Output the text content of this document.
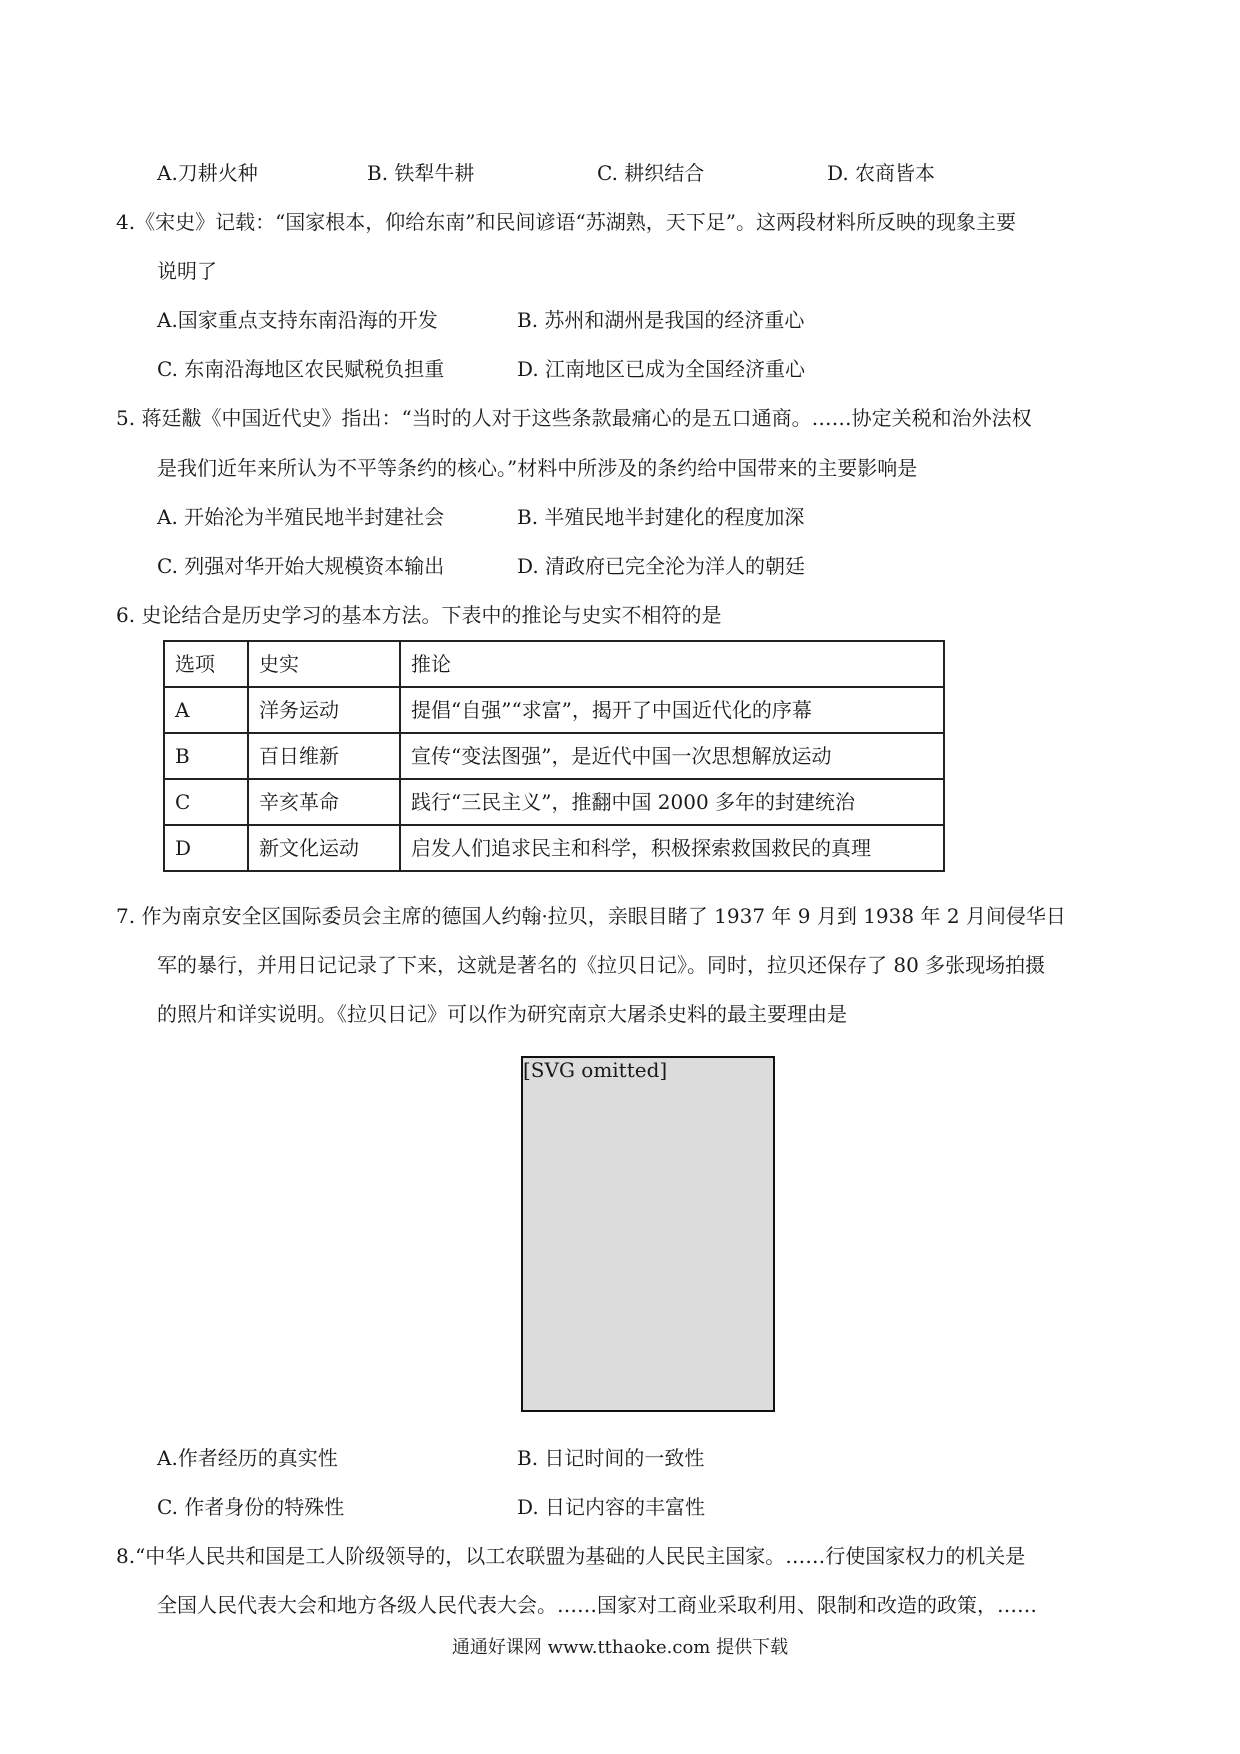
A.刀耕火种	B. 铁犁牛耕	C. 耕织结合	D. 农商皆本
4.《宋史》记载：“国家根本，仰给东南”和民间谚语“苏湖熟，天下足”。这两段材料所反映的现象主要
说明了
A.国家重点支持东南沿海的开发	B. 苏州和湖州是我国的经济重心
C. 东南沿海地区农民赋税负担重	D. 江南地区已成为全国经济重心
5. 蒋廷黻《中国近代史》指出：“当时的人对于这些条款最痛心的是五口通商。……协定关税和治外法权
是我们近年来所认为不平等条约的核心。”材料中所涉及的条约给中国带来的主要影响是
A. 开始沦为半殖民地半封建社会	B. 半殖民地半封建化的程度加深
C. 列强对华开始大规模资本输出	D. 清政府已完全沦为洋人的朝廷
6. 史论结合是历史学习的基本方法。下表中的推论与史实不相符的是
选项	史实	推论
A	洋务运动	提倡“自强”“求富”，揭开了中国近代化的序幕
B	百日维新	宣传“变法图强”，是近代中国一次思想解放运动
C	辛亥革命	践行“三民主义”，推翻中国 2000 多年的封建统治
D	新文化运动	启发人们追求民主和科学，积极探索救国救民的真理
7. 作为南京安全区国际委员会主席的德国人约翰·拉贝，亲眼目睹了 1937 年 9 月到 1938 年 2 月间侵华日
军的暴行，并用日记记录了下来，这就是著名的《拉贝日记》。同时，拉贝还保存了 80 多张现场拍摄
的照片和详实说明。《拉贝日记》可以作为研究南京大屠杀史料的最主要理由是
[SVG omitted]
A.作者经历的真实性	B. 日记时间的一致性
C. 作者身份的特殊性	D. 日记内容的丰富性
8.“中华人民共和国是工人阶级领导的，以工农联盟为基础的人民民主国家。……行使国家权力的机关是
全国人民代表大会和地方各级人民代表大会。……国家对工商业采取利用、限制和改造的政策，……
通通好课网 www.tthaoke.com 提供下载
